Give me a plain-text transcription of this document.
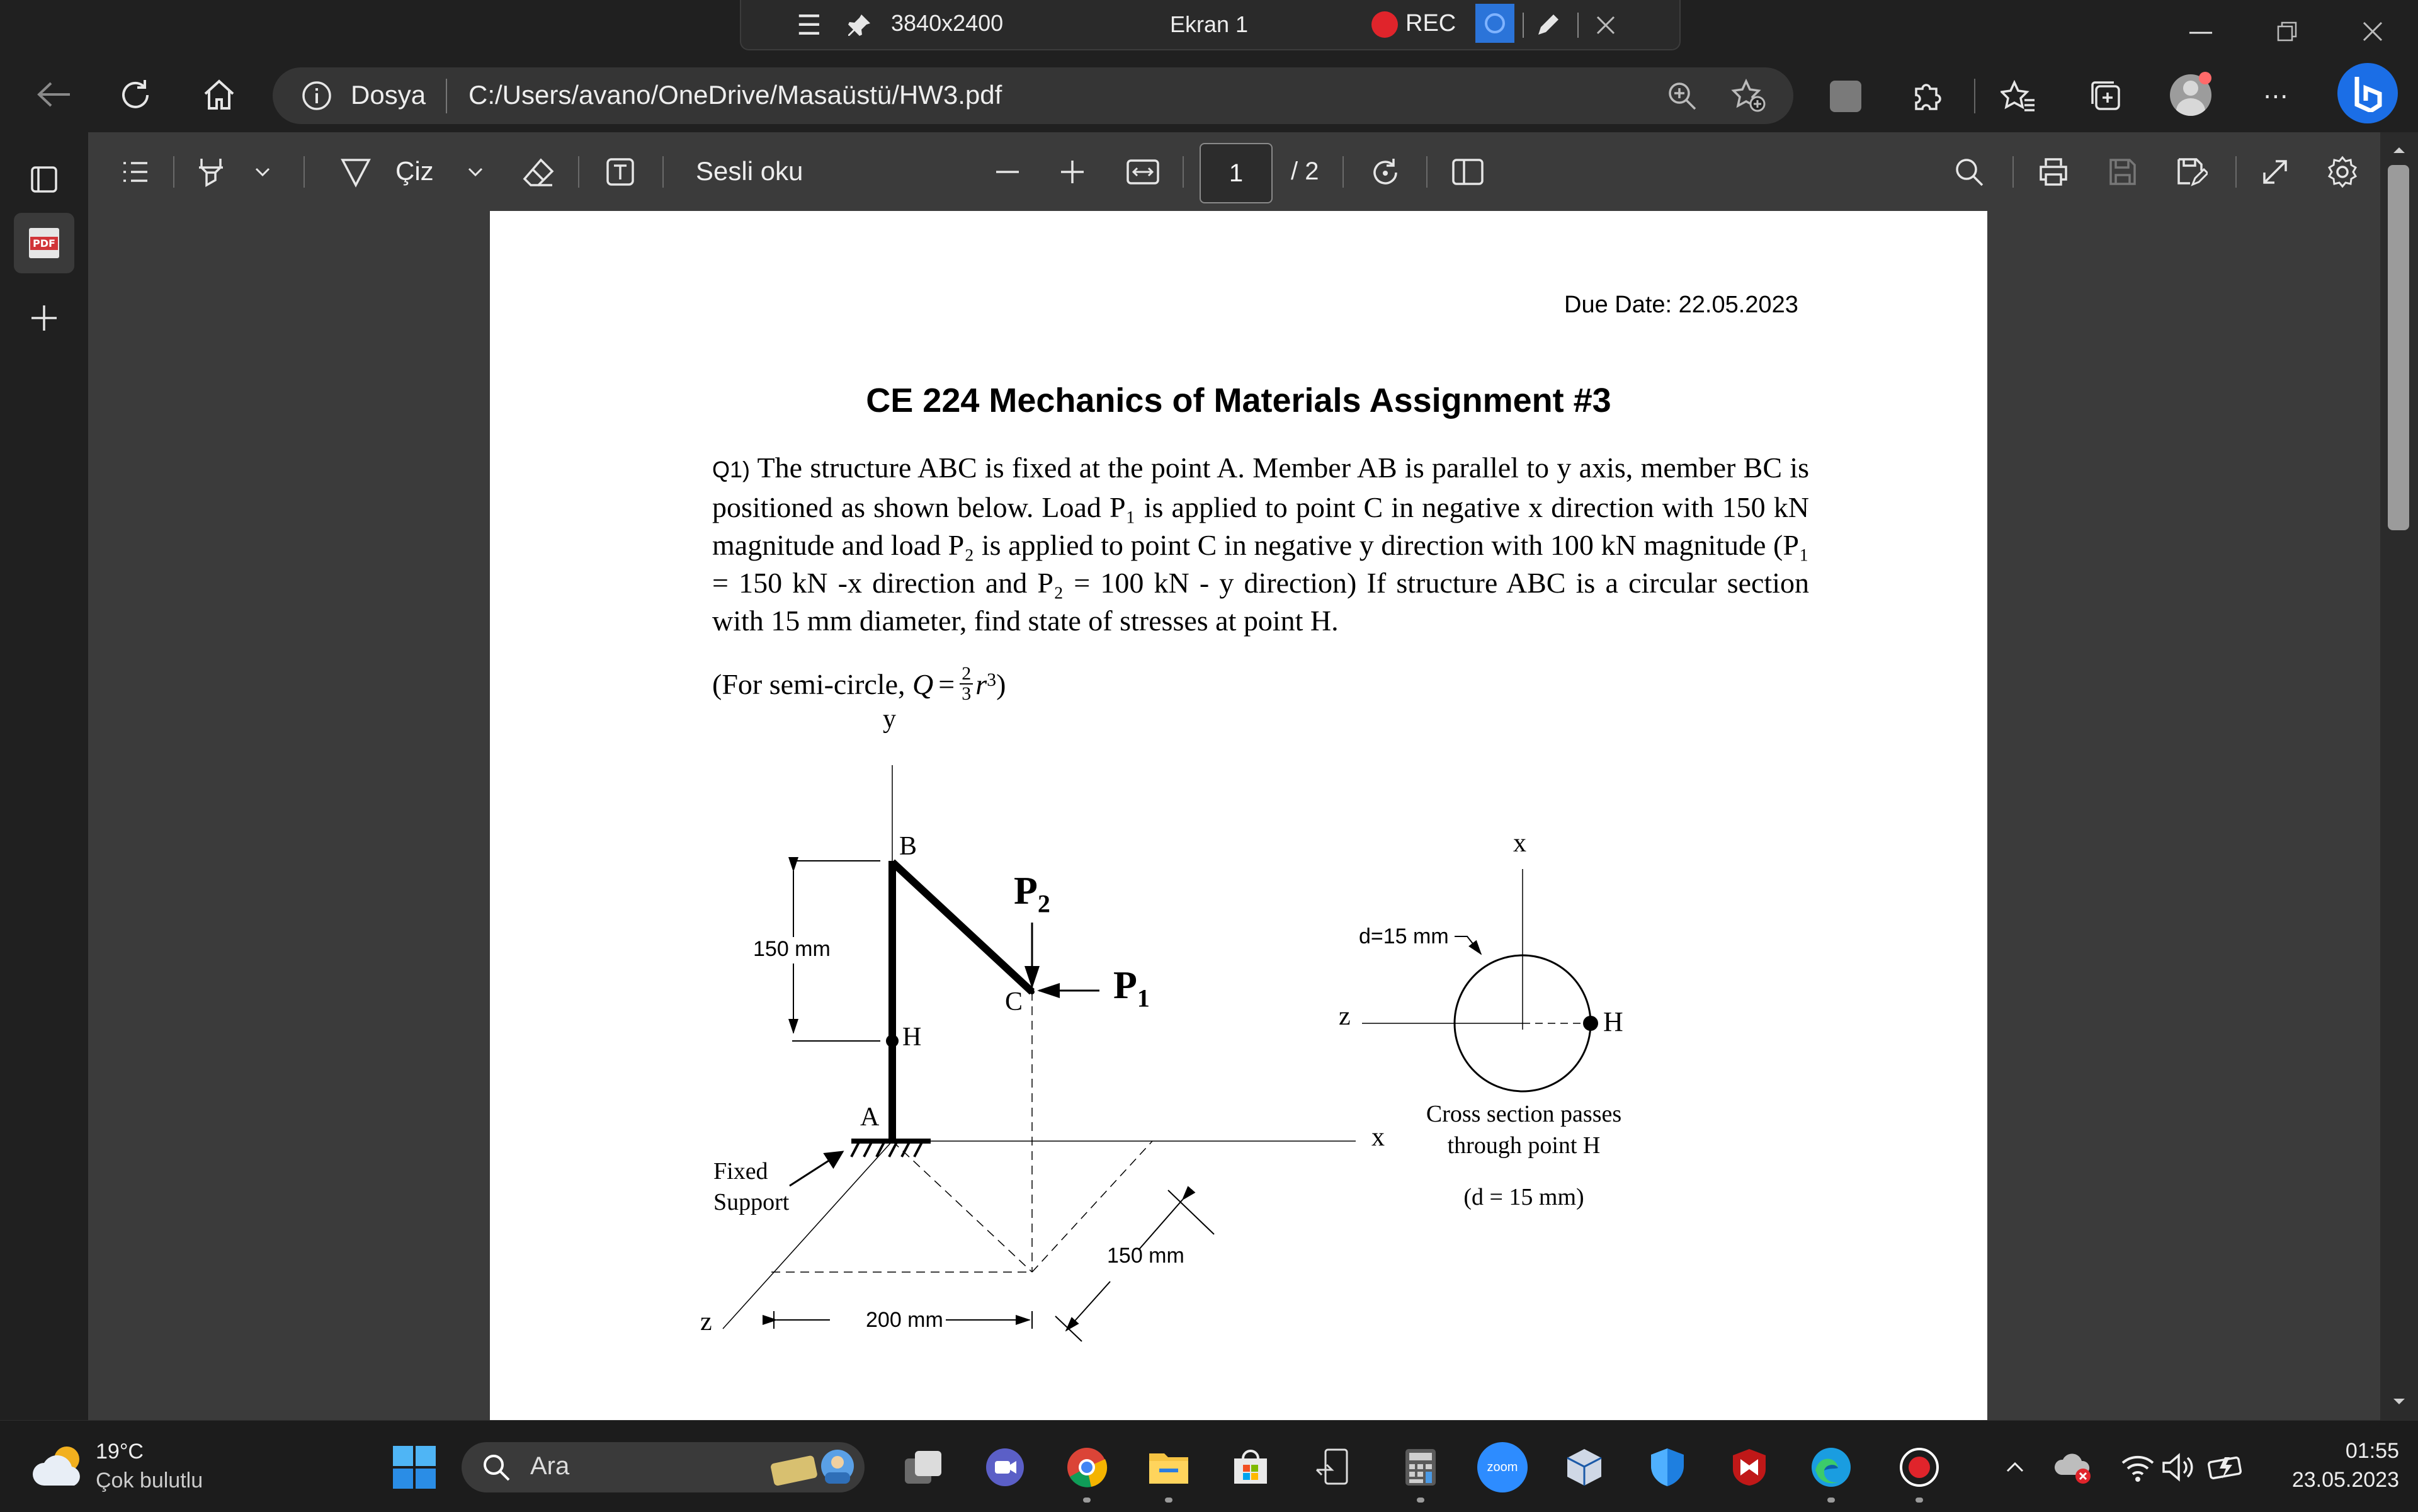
—
☰	3840x2400	Ekran 1	REC
Dosya C:/Users/avano/OneDrive/Masaüstü/HW3.pdf	⋯
PDF
Çiz	Sesli oku	1 / 2
Due Date: 22.05.2023
CE 224 Mechanics of Materials Assignment #3
Q1) The structure ABC is fixed at the point A. Member AB is parallel to y axis, member BC is positioned as shown below. Load P₁ is applied to point C in negative x direction with 150 kN magnitude and load P₂ is applied to point C in negative y direction with 100 kN magnitude (P₁ = 150 kN -x direction and P₂ = 100 kN - y direction) If structure ABC is a circular section with 15 mm diameter, find state of stresses at point H.
(For semi-circle, $Q = \frac{2}{3} r^3$ )
y
B
$P_2$
150 mm
C $P_1$
H
A
x
Fixed
Support
150 mm
z	200 mm
x
d=15 mm
z	H
Cross section passes
through point H
(d = 15 mm)
19°C
Çok bulutlu
Ara	zoom
01:55
23.05.2023
